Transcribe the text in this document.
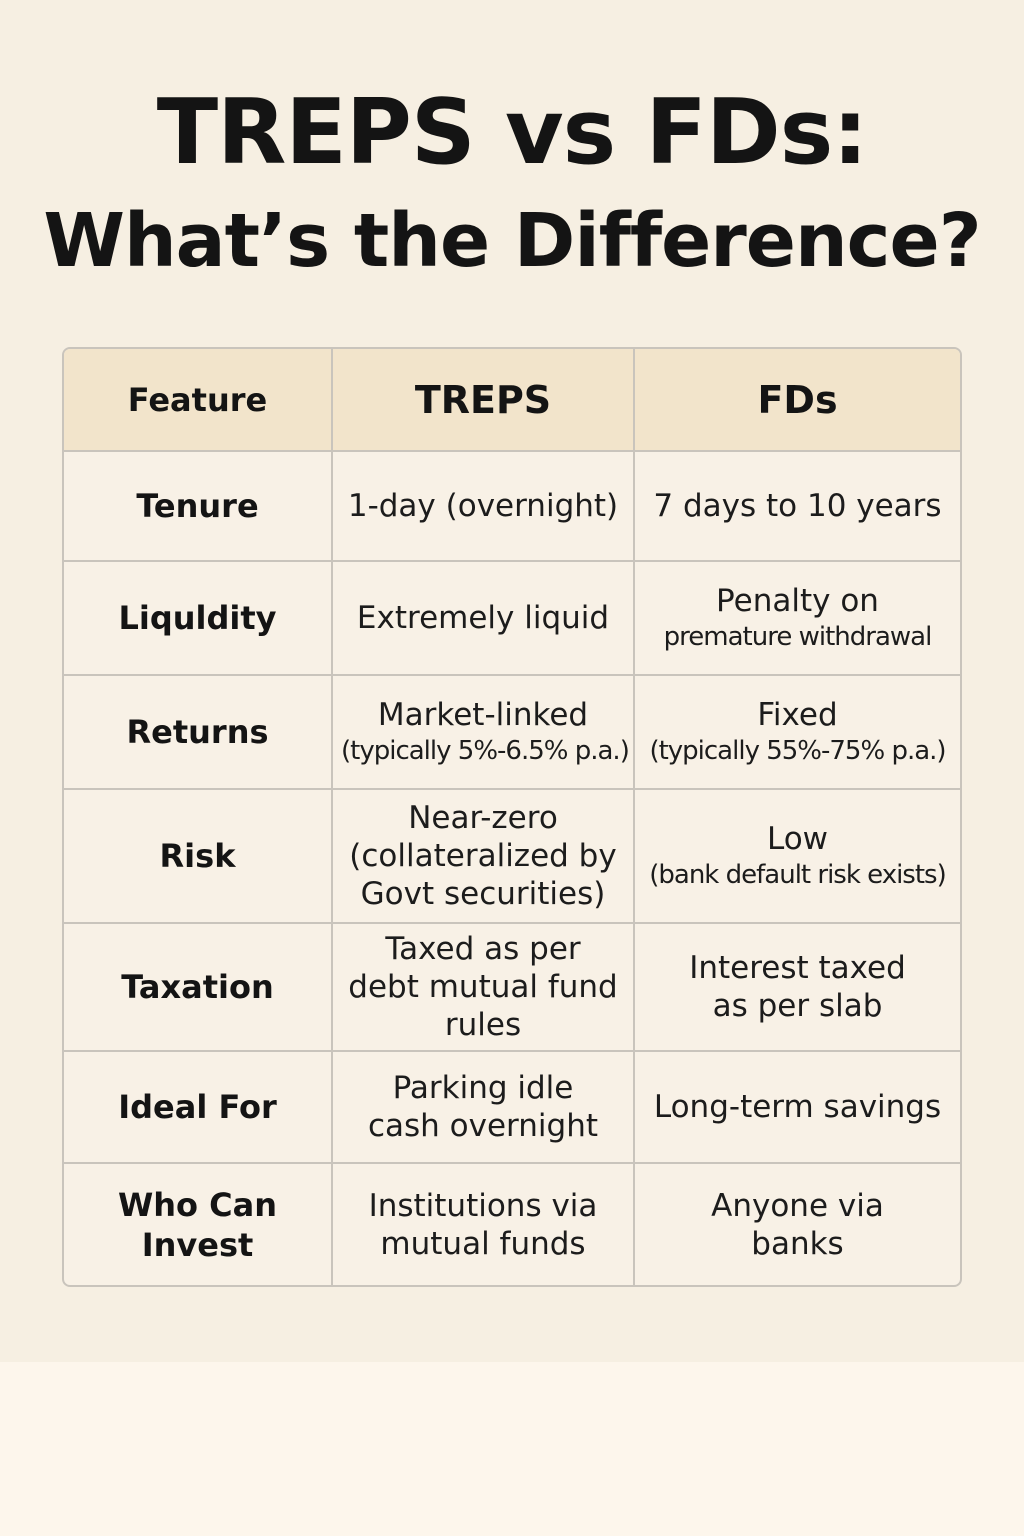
TREPS vs FDs:
What’s the Difference?
Feature	TREPS	FDs

Tenure	1-day (overnight)	7 days to 10 years

Liquldity	Extremely liquid	Penalty on
premature withdrawal

Returns	Market-linked
(typically 5%-6.5% p.a.)	Fixed
(typically 55%-75% p.a.)

Risk	Near-zero
(collateralized by
Govt securities)	Low
(bank default risk exists)

Taxation	Taxed as per
debt mutual fund
rules	Interest taxed
as per slab

Ideal For	Parking idle
cash overnight	Long-term savings

Who Can
Invest	Institutions via
mutual funds	Anyone via
banks
